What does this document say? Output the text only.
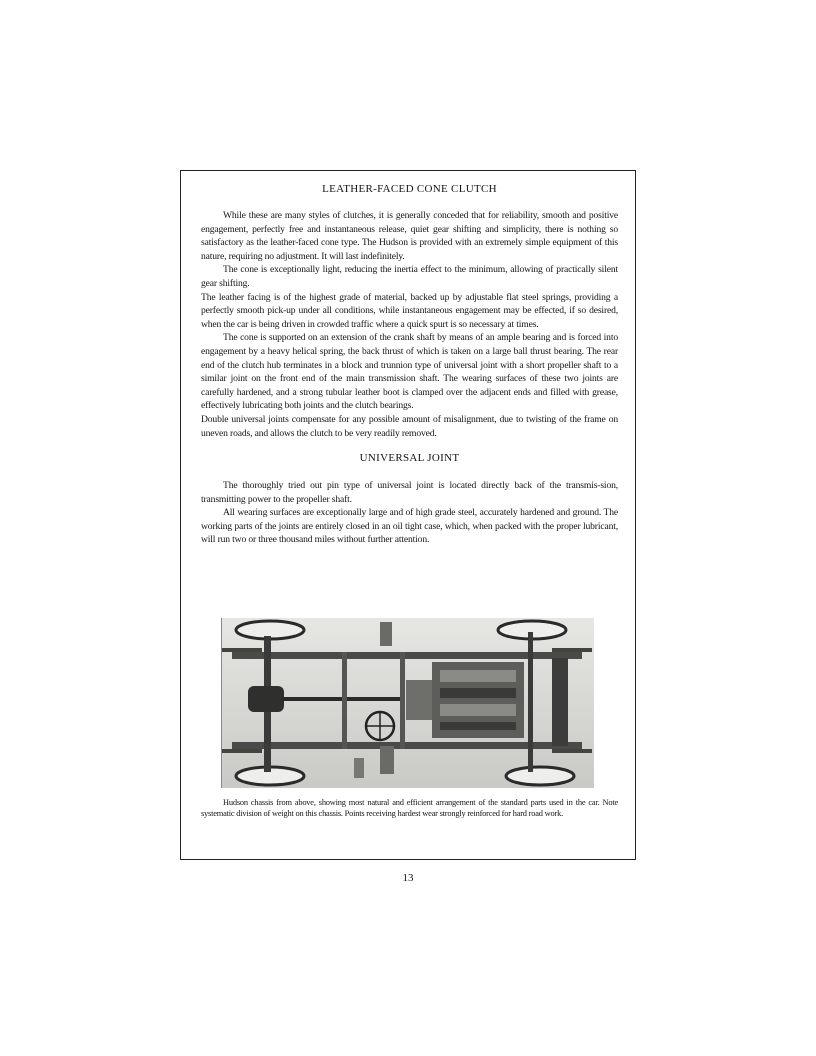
LEATHER-FACED CONE CLUTCH

While these are many styles of clutches, it is generally conceded that for reliability, smooth and positive engagement, perfectly free and instantaneous release, quiet gear shifting and simplicity, there is nothing so satisfactory as the leather-faced cone type. The Hudson is provided with an extremely simple equipment of this nature, requiring no adjustment. It will last indefinitely.

The cone is exceptionally light, reducing the inertia effect to the minimum, allowing of practically silent gear shifting.

The leather facing is of the highest grade of material, backed up by adjustable flat steel springs, providing a perfectly smooth pick-up under all conditions, while instantaneous engagement may be effected, if so desired, when the car is being driven in crowded traffic where a quick spurt is so necessary at times.

The cone is supported on an extension of the crank shaft by means of an ample bearing and is forced into engagement by a heavy helical spring, the back thrust of which is taken on a large ball thrust bearing. The rear end of the clutch hub terminates in a block and trunnion type of universal joint with a short propeller shaft to a similar joint on the front end of the main transmission shaft. The wearing surfaces of these two joints are carefully hardened, and a strong tubular leather boot is clamped over the adjacent ends and filled with grease, effectively lubricating both joints and the clutch bearings.

Double universal joints compensate for any possible amount of misalignment, due to twisting of the frame on uneven roads, and allows the clutch to be very readily removed.

UNIVERSAL JOINT

The thoroughly tried out pin type of universal joint is located directly back of the transmis-sion, transmitting power to the propeller shaft.

All wearing surfaces are exceptionally large and of high grade steel, accurately hardened and ground. The working parts of the joints are entirely closed in an oil tight case, which, when packed with the proper lubricant, will run two or three thousand miles without further attention.

Hudson chassis from above, showing most natural and efficient arrangement of the standard parts used in the car. Note systematic division of weight on this chassis. Points receiving hardest wear strongly reinforced for hard road work.
13
